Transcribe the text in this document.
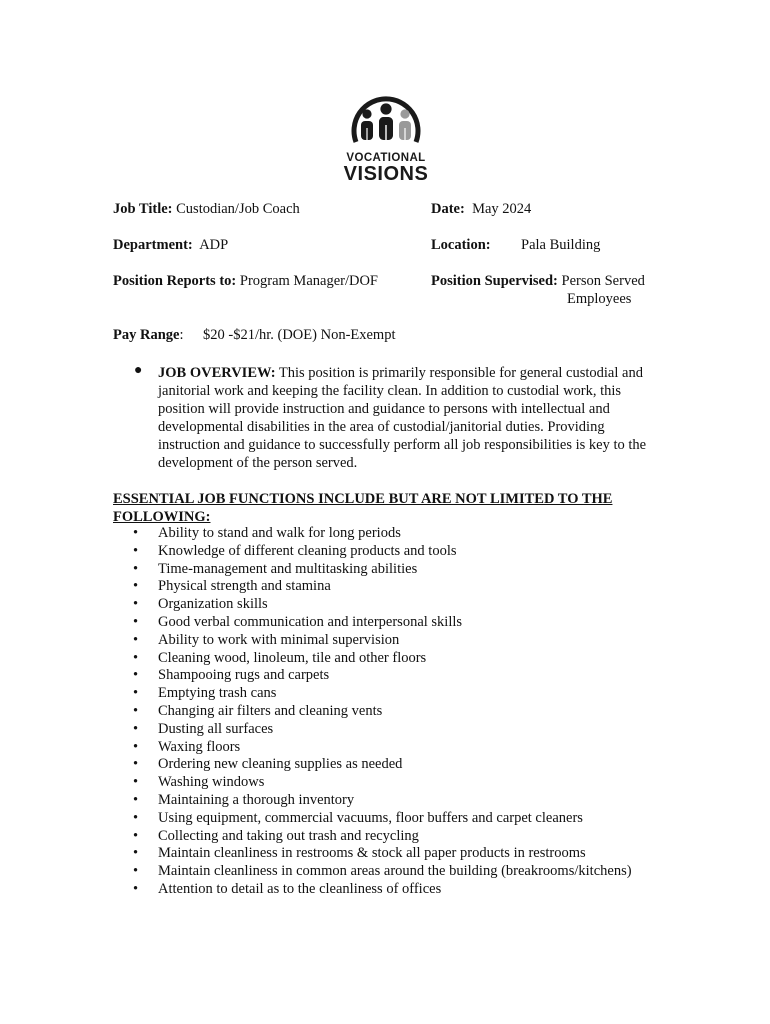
VOCATIONAL
VISIONS
Job Title: Custodian/Job Coach	Date: May 2024
Department: ADP	Location: Pala Building
Position Reports to: Program Manager/DOF	Position Supervised: Person Served
Employees
Pay Range: $20 -$21/hr. (DOE) Non-Exempt
● JOB OVERVIEW: This position is primarily responsible for general custodial and janitorial work and keeping the facility clean. In addition to custodial work, this position will provide instruction and guidance to persons with intellectual and developmental disabilities in the area of custodial/janitorial duties. Providing instruction and guidance to successfully perform all job responsibilities is key to the development of the person served.
ESSENTIAL JOB FUNCTIONS INCLUDE BUT ARE NOT LIMITED TO THE FOLLOWING:
• Ability to stand and walk for long periods
• Knowledge of different cleaning products and tools
• Time-management and multitasking abilities
• Physical strength and stamina
• Organization skills
• Good verbal communication and interpersonal skills
• Ability to work with minimal supervision
• Cleaning wood, linoleum, tile and other floors
• Shampooing rugs and carpets
• Emptying trash cans
• Changing air filters and cleaning vents
• Dusting all surfaces
• Waxing floors
• Ordering new cleaning supplies as needed
• Washing windows
• Maintaining a thorough inventory
• Using equipment, commercial vacuums, floor buffers and carpet cleaners
• Collecting and taking out trash and recycling
• Maintain cleanliness in restrooms & stock all paper products in restrooms
• Maintain cleanliness in common areas around the building (breakrooms/kitchens)
• Attention to detail as to the cleanliness of offices
